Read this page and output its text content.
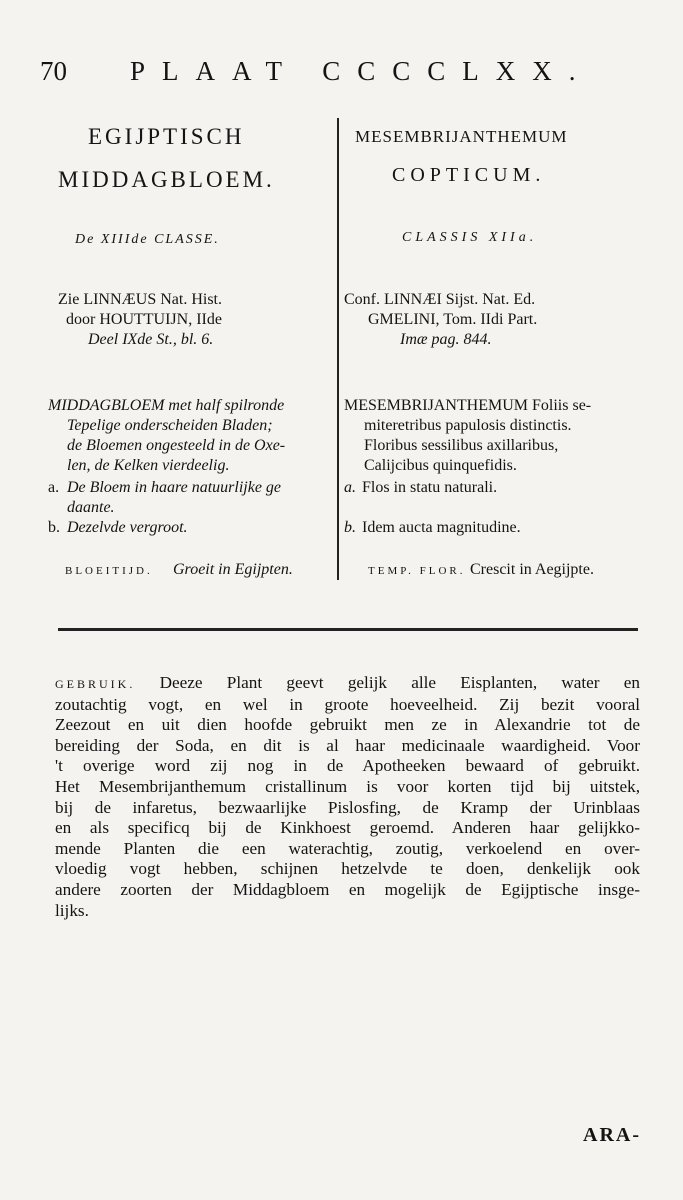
70 PLAAT CCCCLXX.
EGIJPTISCH
MIDDAGBLOEM.
De XIIIde CLASSE.
Zie LINNÆUS Nat. Hist.
door HOUTTUIJN, IIde
Deel IXde St., bl. 6.
MIDDAGBLOEM met half spilronde
Tepelige onderscheiden Bladen;
de Bloemen ongesteeld in de Oxe-
len, de Kelken vierdeelig.
a. De Bloem in haare natuurlijke ge
daante.
b. Dezelvde vergroot.
BLOEITIJD. Groeit in Egijpten.
MESEMBRIJANTHEMUM
COPTICUM.
CLASSIS XIIa.
Conf. LINNÆI Sijst. Nat. Ed.
GMELINI, Tom. IIdi Part.
Imæ pag. 844.
MESEMBRIJANTHEMUM Foliis se-
miteretribus papulosis distinctis.
Floribus sessilibus axillaribus,
Calijcibus quinquefidis.
a. Flos in statu naturali.
b. Idem aucta magnitudine.
TEMP. FLOR. Crescit in Aegijpte.
GEBRUIK. Deeze Plant geevt gelijk alle Eisplanten, water en
zoutachtig vogt, en wel in groote hoeveelheid. Zij bezit vooral
Zeezout en uit dien hoofde gebruikt men ze in Alexandrie tot de
bereiding der Soda, en dit is al haar medicinaale waardigheid. Voor
't overige word zij nog in de Apotheeken bewaard of gebruikt.
Het Mesembrijanthemum cristallinum is voor korten tijd bij uitstek,
bij de infaretus, bezwaarlijke Pislosfing, de Kramp der Urinblaas
en als specificq bij de Kinkhoest geroemd. Anderen haar gelijkko-
mende Planten die een waterachtig, zoutig, verkoelend en over-
vloedig vogt hebben, schijnen hetzelvde te doen, denkelijk ook
andere zoorten der Middagbloem en mogelijk de Egijptische insge-
lijks.
ARA-
